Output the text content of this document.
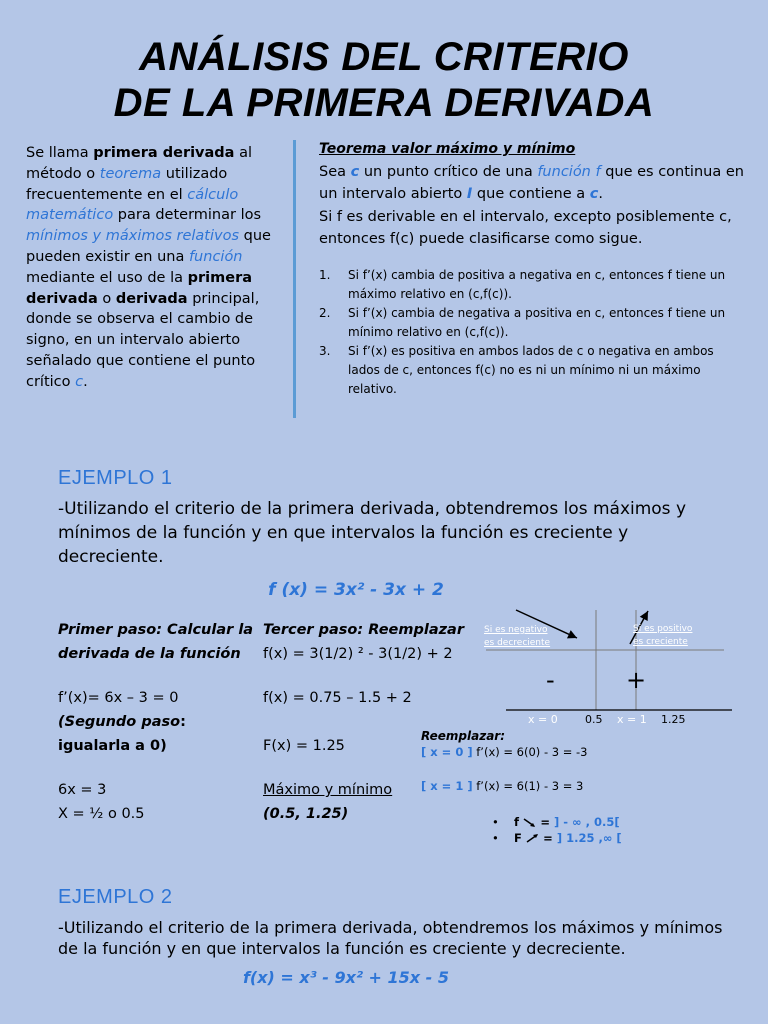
ANÁLISIS DEL CRITERIO
DE LA PRIMERA DERIVADA
Se llama primera derivada al método o teorema utilizado frecuentemente en el cálculo matemático para determinar los mínimos y máximos relativos que pueden existir en una función mediante el uso de la primera
derivada o derivada principal, donde se observa el cambio de signo, en un intervalo abierto señalado que contiene el punto crítico c.
Teorema valor máximo y mínimo
Sea c un punto crítico de una función f que es continua en un intervalo abierto I que contiene a c.
Si f es derivable en el intervalo, excepto posiblemente c, entonces f(c) puede clasificarse como sigue.
1. Si f’(x) cambia de positiva a negativa en c, entonces f tiene un máximo relativo en (c,f(c)).
2. Si f’(x) cambia de negativa a positiva en c, entonces f tiene un mínimo relativo en (c,f(c)).
3. Si f’(x) es positiva en ambos lados de c o negativa en ambos lados de c, entonces f(c) no es ni un mínimo ni un máximo relativo.
EJEMPLO 1
-Utilizando el criterio de la primera derivada, obtendremos los máximos y mínimos de la función y en que intervalos la función es creciente y decreciente.
f (x) = 3x² - 3x + 2
Primer paso: Calcular la
derivada de la función
f’(x)= 6x – 3 = 0
(Segundo paso:
igualarla a 0)
6x = 3
X = ½ o 0.5
Tercer paso: Reemplazar
f(x) = 3(1/2) ² - 3(1/2) + 2
f(x) = 0.75 – 1.5 + 2
F(x) = 1.25
Máximo y mínimo
(0.5, 1.25)
Si es negativo
es decreciente
Si es positivo
es creciente
-	+
x = 0 0.5 x = 1 1.25
Reemplazar:
[ x = 0 ] f’(x) = 6(0) - 3 = -3
[ x = 1 ] f’(x) = 6(1) - 3 = 3
• f = ] - ∞ , 0.5[
• F = ] 1.25 ,∞ [
EJEMPLO 2
-Utilizando el criterio de la primera derivada, obtendremos los máximos y mínimos de la función y en que intervalos la función es creciente y decreciente.
f(x) = x³ - 9x² + 15x - 5
